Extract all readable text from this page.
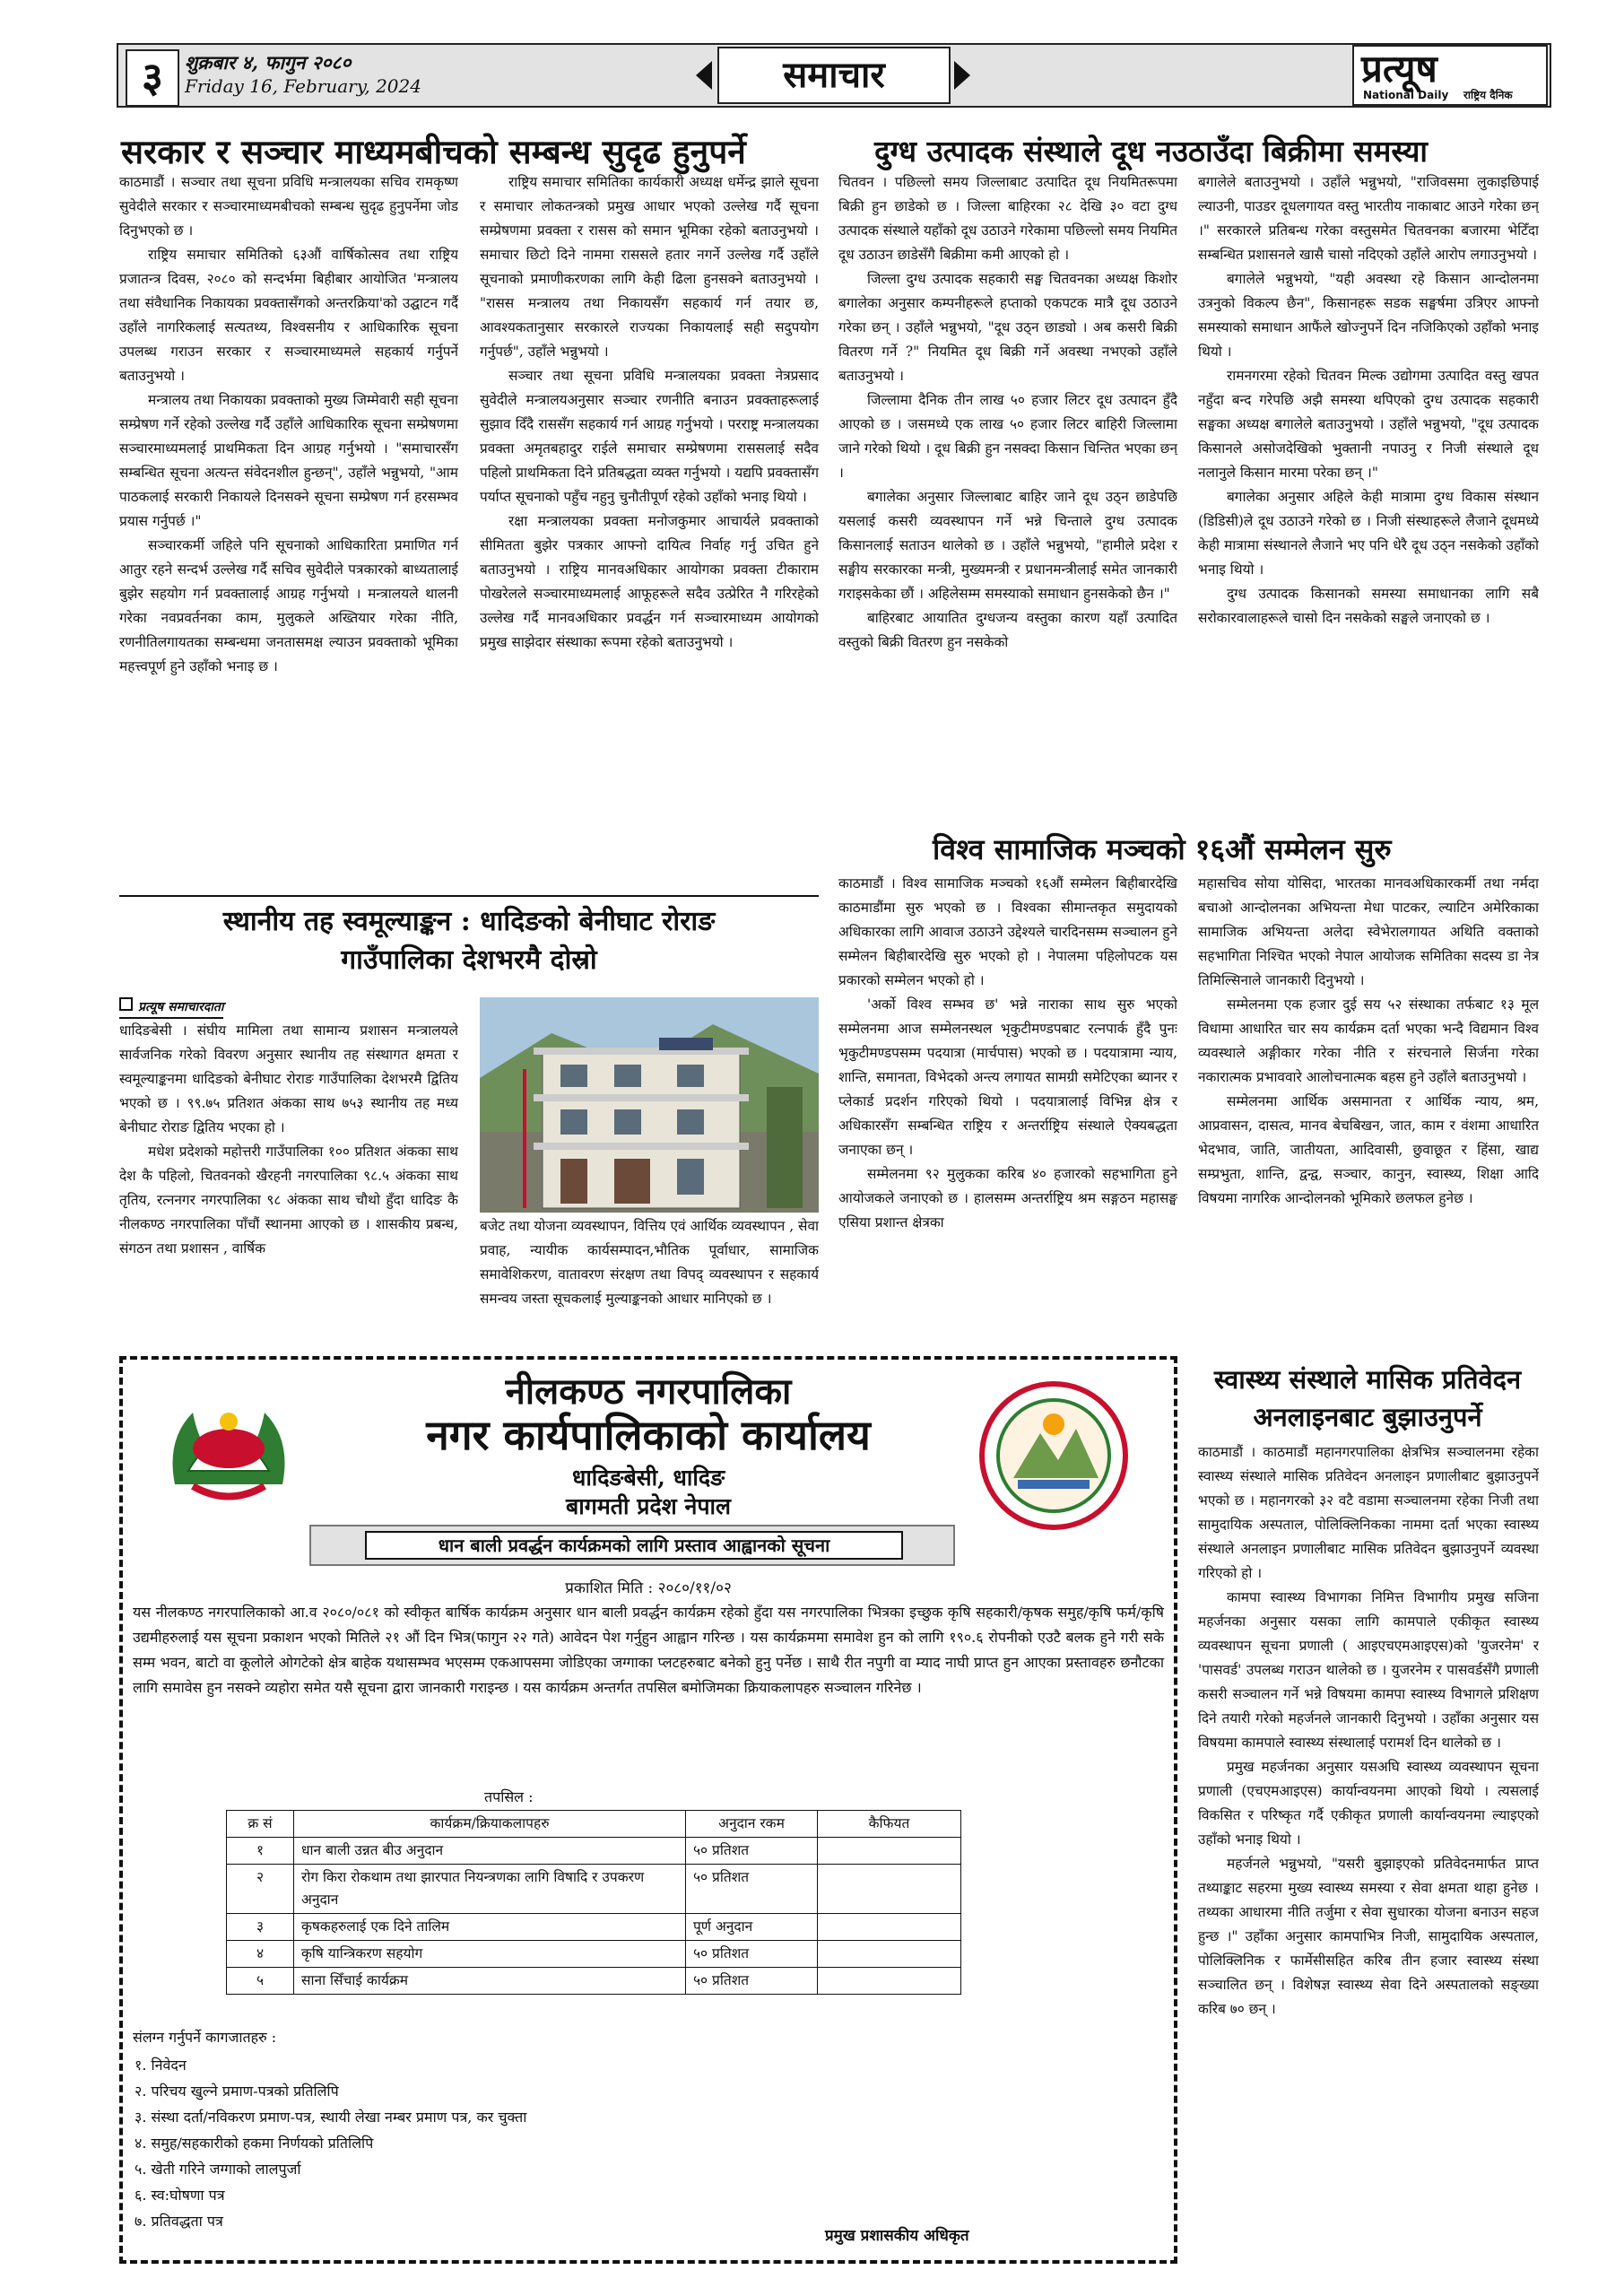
३	शुक्रबार ४, फागुन २०८०
Friday 16, February, 2024	समाचार	प्रत्यूष
National Daily राष्ट्रिय दैनिक
सरकार र सञ्चार माध्यमबीचको सम्बन्ध सुदृढ हुनुपर्ने

काठमाडौं । सञ्चार तथा सूचना प्रविधि मन्त्रालयका सचिव रामकृष्ण सुवेदीले सरकार र सञ्चारमाध्यमबीचको सम्बन्ध सुदृढ हुनुपर्नेमा जोड दिनुभएको छ ।

राष्ट्रिय समाचार समितिको ६३औं वार्षिकोत्सव तथा राष्ट्रिय प्रजातन्त्र दिवस, २०८० को सन्दर्भमा बिहीबार आयोजित 'मन्त्रालय तथा संवैधानिक निकायका प्रवक्तासँगको अन्तरक्रिया'को उद्घाटन गर्दै उहाँले नागरिकलाई सत्यतथ्य, विश्वसनीय र आधिकारिक सूचना उपलब्ध गराउन सरकार र सञ्चारमाध्यमले सहकार्य गर्नुपर्ने बताउनुभयो ।

मन्त्रालय तथा निकायका प्रवक्ताको मुख्य जिम्मेवारी सही सूचना सम्प्रेषण गर्ने रहेको उल्लेख गर्दै उहाँले आधिकारिक सूचना सम्प्रेषणमा सञ्चारमाध्यमलाई प्राथमिकता दिन आग्रह गर्नुभयो । "समाचारसँग सम्बन्धित सूचना अत्यन्त संवेदनशील हुन्छन्", उहाँले भन्नुभयो, "आम पाठकलाई सरकारी निकायले दिनसक्ने सूचना सम्प्रेषण गर्न हरसम्भव प्रयास गर्नुपर्छ ।"

सञ्चारकर्मी जहिले पनि सूचनाको आधिकारिता प्रमाणित गर्न आतुर रहने सन्दर्भ उल्लेख गर्दै सचिव सुवेदीले पत्रकारको बाध्यतालाई बुझेर सहयोग गर्न प्रवक्तालाई आग्रह गर्नुभयो । मन्त्रालयले थालनी गरेका नवप्रवर्तनका काम, मुलुकले अख्तियार गरेका नीति, रणनीतिलगायतका सम्बन्धमा जनतासमक्ष ल्याउन प्रवक्ताको भूमिका महत्त्वपूर्ण हुने उहाँको भनाइ छ ।

राष्ट्रिय समाचार समितिका कार्यकारी अध्यक्ष धर्मेन्द्र झाले सूचना र समाचार लोकतन्त्रको प्रमुख आधार भएको उल्लेख गर्दै सूचना सम्प्रेषणमा प्रवक्ता र रासस को समान भूमिका रहेको बताउनुभयो । समाचार छिटो दिने नाममा राससले हतार नगर्ने उल्लेख गर्दै उहाँले सूचनाको प्रमाणीकरणका लागि केही ढिला हुनसक्ने बताउनुभयो । "रासस मन्त्रालय तथा निकायसँग सहकार्य गर्न तयार छ, आवश्यकतानुसार सरकारले राज्यका निकायलाई सही सदुपयोग गर्नुपर्छ", उहाँले भन्नुभयो ।

सञ्चार तथा सूचना प्रविधि मन्त्रालयका प्रवक्ता नेत्रप्रसाद सुवेदीले मन्त्रालयअनुसार सञ्चार रणनीति बनाउन प्रवक्ताहरूलाई सुझाव दिँदै राससँग सहकार्य गर्न आग्रह गर्नुभयो । परराष्ट्र मन्त्रालयका प्रवक्ता अमृतबहादुर राईले समाचार सम्प्रेषणमा राससलाई सदैव पहिलो प्राथमिकता दिने प्रतिबद्धता व्यक्त गर्नुभयो । यद्यपि प्रवक्तासँग पर्याप्त सूचनाको पहुँच नहुनु चुनौतीपूर्ण रहेको उहाँको भनाइ थियो ।

रक्षा मन्त्रालयका प्रवक्ता मनोजकुमार आचार्यले प्रवक्ताको सीमितता बुझेर पत्रकार आफ्नो दायित्व निर्वाह गर्नु उचित हुने बताउनुभयो । राष्ट्रिय मानवअधिकार आयोगका प्रवक्ता टीकाराम पोखरेलले सञ्चारमाध्यमलाई आफूहरूले सदैव उत्प्रेरित नै गरिरहेको उल्लेख गर्दै मानवअधिकार प्रवर्द्धन गर्न सञ्चारमाध्यम आयोगको प्रमुख साझेदार संस्थाका रूपमा रहेको बताउनुभयो ।

दुग्ध उत्पादक संस्थाले दूध नउठाउँदा बिक्रीमा समस्या

चितवन । पछिल्लो समय जिल्लाबाट उत्पादित दूध नियमितरूपमा बिक्री हुन छाडेको छ । जिल्ला बाहिरका २८ देखि ३० वटा दुग्ध उत्पादक संस्थाले यहाँको दूध उठाउने गरेकामा पछिल्लो समय नियमित दूध उठाउन छाडेसँगै बिक्रीमा कमी आएको हो ।

जिल्ला दुग्ध उत्पादक सहकारी सङ्घ चितवनका अध्यक्ष किशोर बगालेका अनुसार कम्पनीहरूले हप्ताको एकपटक मात्रै दूध उठाउने गरेका छन् । उहाँले भन्नुभयो, "दूध उठ्न छाड्यो । अब कसरी बिक्री वितरण गर्ने ?" नियमित दूध बिक्री गर्ने अवस्था नभएको उहाँले बताउनुभयो ।

जिल्लामा दैनिक तीन लाख ५० हजार लिटर दूध उत्पादन हुँदै आएको छ । जसमध्ये एक लाख ५० हजार लिटर बाहिरी जिल्लामा जाने गरेको थियो । दूध बिक्री हुन नसक्दा किसान चिन्तित भएका छन् ।

बगालेका अनुसार जिल्लाबाट बाहिर जाने दूध उठ्न छाडेपछि यसलाई कसरी व्यवस्थापन गर्ने भन्ने चिन्ताले दुग्ध उत्पादक किसानलाई सताउन थालेको छ । उहाँले भन्नुभयो, "हामीले प्रदेश र सङ्घीय सरकारका मन्त्री, मुख्यमन्त्री र प्रधानमन्त्रीलाई समेत जानकारी गराइसकेका छौं । अहिलेसम्म समस्याको समाधान हुनसकेको छैन ।"

बाहिरबाट आयातित दुग्धजन्य वस्तुका कारण यहाँ उत्पादित वस्तुको बिक्री वितरण हुन नसकेको

बगालेले बताउनुभयो । उहाँले भन्नुभयो, "राजिवसमा लुकाइछिपाई ल्याउनी, पाउडर दूधलगायत वस्तु भारतीय नाकाबाट आउने गरेका छन् ।" सरकारले प्रतिबन्ध गरेका वस्तुसमेत चितवनका बजारमा भेटिँदा सम्बन्धित प्रशासनले खासै चासो नदिएको उहाँले आरोप लगाउनुभयो ।

बगालेले भन्नुभयो, "यही अवस्था रहे किसान आन्दोलनमा उत्रनुको विकल्प छैन", किसानहरू सडक सङ्घर्षमा उत्रिएर आफ्नो समस्याको समाधान आफैंले खोज्नुपर्ने दिन नजिकिएको उहाँको भनाइ थियो ।

रामनगरमा रहेको चितवन मिल्क उद्योगमा उत्पादित वस्तु खपत नहुँदा बन्द गरेपछि अझै समस्या थपिएको दुग्ध उत्पादक सहकारी सङ्घका अध्यक्ष बगालेले बताउनुभयो । उहाँले भन्नुभयो, "दूध उत्पादक किसानले असोजदेखिको भुक्तानी नपाउनु र निजी संस्थाले दूध नलानुले किसान मारमा परेका छन् ।"

बगालेका अनुसार अहिले केही मात्रामा दुग्ध विकास संस्थान (डिडिसी)ले दूध उठाउने गरेको छ । निजी संस्थाहरूले लैजाने दूधमध्ये केही मात्रामा संस्थानले लैजाने भए पनि धेरै दूध उठ्न नसकेको उहाँको भनाइ थियो ।

दुग्ध उत्पादक किसानको समस्या समाधानका लागि सबै सरोकारवालाहरूले चासो दिन नसकेको सङ्घले जनाएको छ ।

विश्व सामाजिक मञ्चको १६औं सम्मेलन सुरु

काठमाडौं । विश्व सामाजिक मञ्चको १६औं सम्मेलन बिहीबारदेखि काठमाडौंमा सुरु भएको छ । विश्वका सीमान्तकृत समुदायको अधिकारका लागि आवाज उठाउने उद्देश्यले चारदिनसम्म सञ्चालन हुने सम्मेलन बिहीबारदेखि सुरु भएको हो । नेपालमा पहिलोपटक यस प्रकारको सम्मेलन भएको हो ।

'अर्को विश्व सम्भव छ' भन्ने नाराका साथ सुरु भएको सम्मेलनमा आज सम्मेलनस्थल भृकुटीमण्डपबाट रत्नपार्क हुँदै पुनः भृकुटीमण्डपसम्म पदयात्रा (मार्चपास) भएको छ । पदयात्रामा न्याय, शान्ति, समानता, विभेदको अन्त्य लगायत सामग्री समेटिएका ब्यानर र प्लेकार्ड प्रदर्शन गरिएको थियो । पदयात्रालाई विभिन्न क्षेत्र र अधिकारसँग सम्बन्धित राष्ट्रिय र अन्तर्राष्ट्रिय संस्थाले ऐक्यबद्धता जनाएका छन् ।

सम्मेलनमा ९२ मुलुकका करिब ४० हजारको सहभागिता हुने आयोजकले जनाएको छ । हालसम्म अन्तर्राष्ट्रिय श्रम सङ्गठन महासङ्घ एसिया प्रशान्त क्षेत्रका

महासचिव सोया योसिदा, भारतका मानवअधिकारकर्मी तथा नर्मदा बचाओ आन्दोलनका अभियन्ता मेधा पाटकर, ल्याटिन अमेरिकाका सामाजिक अभियन्ता अलेदा स्वेभेरालगायत अथिति वक्ताको सहभागिता निश्चित भएको नेपाल आयोजक समितिका सदस्य डा नेत्र तिमिल्सिनाले जानकारी दिनुभयो ।

सम्मेलनमा एक हजार दुई सय ५२ संस्थाका तर्फबाट १३ मूल विधामा आधारित चार सय कार्यक्रम दर्ता भएका भन्दै विद्यमान विश्व व्यवस्थाले अङ्गीकार गरेका नीति र संरचनाले सिर्जना गरेका नकारात्मक प्रभाववारे आलोचनात्मक बहस हुने उहाँले बताउनुभयो ।

सम्मेलनमा आर्थिक असमानता र आर्थिक न्याय, श्रम, आप्रवासन, दासत्व, मानव बेचबिखन, जात, काम र वंशमा आधारित भेदभाव, जाति, जातीयता, आदिवासी, छुवाछूत र हिंसा, खाद्य सम्प्रभुता, शान्ति, द्वन्द्व, सञ्चार, कानुन, स्वास्थ्य, शिक्षा आदि विषयमा नागरिक आन्दोलनको भूमिकारे छलफल हुनेछ ।

स्थानीय तह स्वमूल्याङ्कन : धादिङको बेनीघाट रोराङ
गाउँपालिका देशभरमै दोस्रो
प्रत्यूष समाचारदाता

धादिङबेसी । संघीय मामिला तथा सामान्य प्रशासन मन्त्रालयले सार्वजनिक गरेको विवरण अनुसार स्थानीय तह संस्थागत क्षमता र स्वमूल्याङ्कनमा धादिङको बेनीघाट रोराङ गाउँपालिका देशभरमै द्वितिय भएको छ । ९९.७५ प्रतिशत अंकका साथ ७५३ स्थानीय तह मध्य बेनीघाट रोराङ द्वितिय भएका हो ।

मधेश प्रदेशको महोत्तरी गाउँपालिका १०० प्रतिशत अंकका साथ देश कै पहिलो, चितवनको खैरहनी नगरपालिका ९८.५ अंकका साथ तृतिय, रत्ननगर नगरपालिका ९८ अंकका साथ चौथो हुँदा धादिङ कै नीलकण्ठ नगरपालिका पाँचौं स्थानमा आएको छ । शासकीय प्रबन्ध, संगठन तथा प्रशासन , वार्षिक

बजेट तथा योजना व्यवस्थापन, वित्तिय एवं आर्थिक व्यवस्थापन , सेवा प्रवाह, न्यायीक कार्यसम्पादन,भौतिक पूर्वाधार, सामाजिक समावेशिकरण, वातावरण संरक्षण तथा विपद् व्यवस्थापन र सहकार्य समन्वय जस्ता सूचकलाई मुल्याङ्कनको आधार मानिएको छ ।

नीलकण्ठ नगरपालिका
नगर कार्यपालिकाको कार्यालय
धादिङबेसी, धादिङ
बागमती प्रदेश नेपाल
धान बाली प्रवर्द्धन कार्यक्रमको लागि प्रस्ताव आह्वानको सूचना
प्रकाशित मिति : २०८०/११/०२
यस नीलकण्ठ नगरपालिकाको आ.व २०८०/०८१ को स्वीकृत बार्षिक कार्यक्रम अनुसार धान बाली प्रवर्द्धन कार्यक्रम रहेको हुँदा यस नगरपालिका भित्रका इच्छुक कृषि सहकारी/कृषक समुह/कृषि फर्म/कृषि उद्यमीहरुलाई यस सूचना प्रकाशन भएको मितिले २१ औं दिन भित्र(फागुन २२ गते) आवेदन पेश गर्नुहुन आह्वान गरिन्छ । यस कार्यक्रममा समावेश हुन को लागि १९०.६ रोपनीको एउटै बलक हुने गरी सके सम्म भवन, बाटो वा कूलोले ओगटेको क्षेत्र बाहेक यथासम्भव भएसम्म एकआपसमा जोडिएका जग्गाका प्लटहरुबाट बनेको हुनु पर्नेछ । साथै रीत नपुगी वा म्याद नाघी प्राप्त हुन आएका प्रस्तावहरु छनौटका लागि समावेस हुन नसक्ने व्यहोरा समेत यसै सूचना द्वारा जानकारी गराइन्छ । यस कार्यक्रम अन्तर्गत तपसिल बमोजिमका क्रियाकलापहरु सञ्चालन गरिनेछ ।
तपसिल :
क्र सं	कार्यक्रम/क्रियाकलापहरु	अनुदान रकम	कैफियत
१	धान बाली उन्नत बीउ अनुदान	५० प्रतिशत	
२	रोग किरा रोकथाम तथा झारपात नियन्त्रणका लागि विषादि र उपकरण अनुदान	५० प्रतिशत	
३	कृषकहरुलाई एक दिने तालिम	पूर्ण अनुदान	
४	कृषि यान्त्रिकरण सहयोग	५० प्रतिशत	
५	साना सिँचाई कार्यक्रम	५० प्रतिशत	
संलग्न गर्नुपर्ने कागजातहरु :
१. निवेदन
२. परिचय खुल्ने प्रमाण-पत्रको प्रतिलिपि
३. संस्था दर्ता/नविकरण प्रमाण-पत्र, स्थायी लेखा नम्बर प्रमाण पत्र, कर चुक्ता
४. समुह/सहकारीको हकमा निर्णयको प्रतिलिपि
५. खेती गरिने जग्गाको लालपुर्जा
६. स्व:घोषणा पत्र
७. प्रतिवद्धता पत्र
प्रमुख प्रशासकीय अधिकृत
स्वास्थ्य संस्थाले मासिक प्रतिवेदन
अनलाइनबाट बुझाउनुपर्ने

काठमाडौं । काठमाडौं महानगरपालिका क्षेत्रभित्र सञ्चालनमा रहेका स्वास्थ्य संस्थाले मासिक प्रतिवेदन अनलाइन प्रणालीबाट बुझाउनुपर्ने भएको छ । महानगरको ३२ वटै वडामा सञ्चालनमा रहेका निजी तथा सामुदायिक अस्पताल, पोलिक्लिनिकका नाममा दर्ता भएका स्वास्थ्य संस्थाले अनलाइन प्रणालीबाट मासिक प्रतिवेदन बुझाउनुपर्ने व्यवस्था गरिएको हो ।

कामपा स्वास्थ्य विभागका निमित्त विभागीय प्रमुख सजिना महर्जनका अनुसार यसका लागि कामपाले एकीकृत स्वास्थ्य व्यवस्थापन सूचना प्रणाली ( आइएचएमआइएस)को 'युजरनेम' र 'पासवर्ड' उपलब्ध गराउन थालेको छ । युजरनेम र पासवर्डसँगै प्रणाली कसरी सञ्चालन गर्ने भन्ने विषयमा कामपा स्वास्थ्य विभागले प्रशिक्षण दिने तयारी गरेको महर्जनले जानकारी दिनुभयो । उहाँका अनुसार यस विषयमा कामपाले स्वास्थ्य संस्थालाई परामर्श दिन थालेको छ ।

प्रमुख महर्जनका अनुसार यसअघि स्वास्थ्य व्यवस्थापन सूचना प्रणाली (एचएमआइएस) कार्यान्वयनमा आएको थियो । त्यसलाई विकसित र परिष्कृत गर्दै एकीकृत प्रणाली कार्यान्वयनमा ल्याइएको उहाँको भनाइ थियो ।

महर्जनले भन्नुभयो, "यसरी बुझाइएको प्रतिवेदनमार्फत प्राप्त तथ्याङ्काट सहरमा मुख्य स्वास्थ्य समस्या र सेवा क्षमता थाहा हुनेछ । तथ्यका आधारमा नीति तर्जुमा र सेवा सुधारका योजना बनाउन सहज हुन्छ ।" उहाँका अनुसार कामपाभित्र निजी, सामुदायिक अस्पताल, पोलिक्लिनिक र फार्मेसीसहित करिब तीन हजार स्वास्थ्य संस्था सञ्चालित छन् । विशेषज्ञ स्वास्थ्य सेवा दिने अस्पतालको सङ्ख्या करिब ७० छन् ।
